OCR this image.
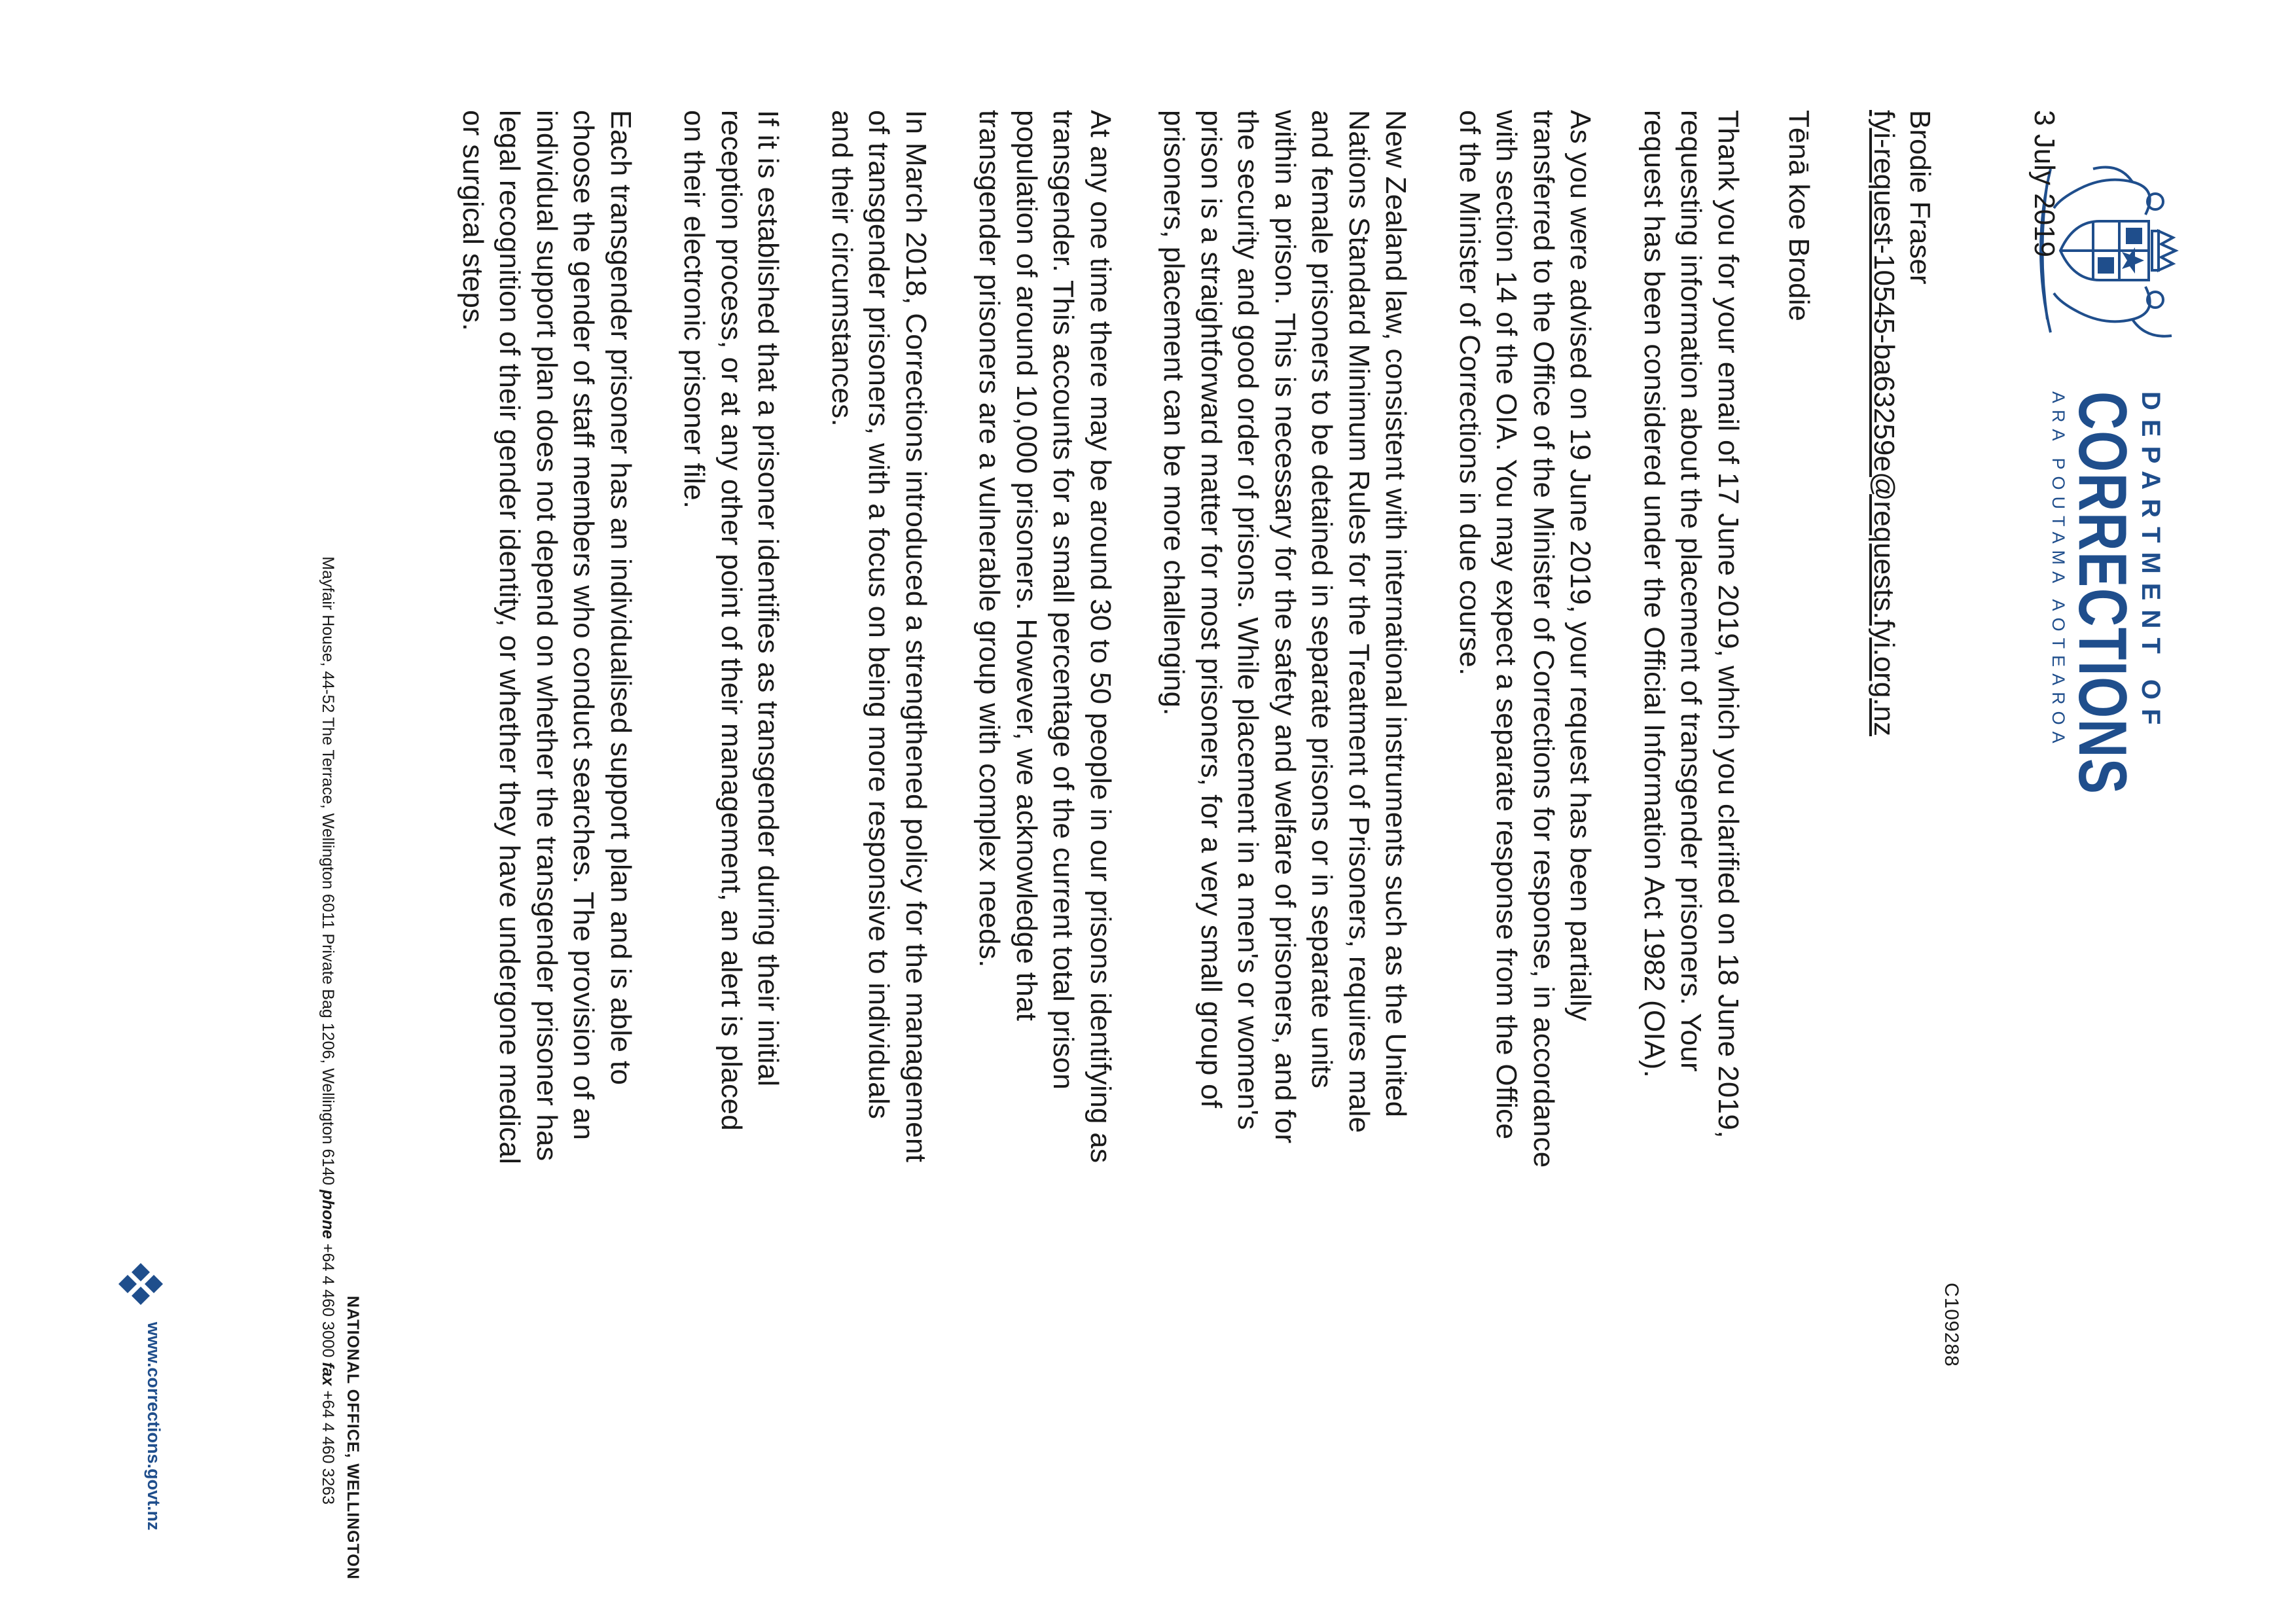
DEPARTMENT OF
CORRECTIONS
ARA POUTAMA AOTEAROA
C109288
3 July 2019
Brodie Fraser
fyi-request-10545-ba63259e@requests.fyi.org.nz
Tēnā koe Brodie

Thank you for your email of 17 June 2019, which you clarified on 18 June 2019, requesting information about the placement of transgender prisoners. Your request has been considered under the Official Information Act 1982 (OIA).

As you were advised on 19 June 2019, your request has been partially transferred to the Office of the Minister of Corrections for response, in accordance with section 14 of the OIA. You may expect a separate response from the Office of the Minister of Corrections in due course.

New Zealand law, consistent with international instruments such as the United Nations Standard Minimum Rules for the Treatment of Prisoners, requires male and female prisoners to be detained in separate prisons or in separate units within a prison. This is necessary for the safety and welfare of prisoners, and for the security and good order of prisons. While placement in a men's or women's prison is a straightforward matter for most prisoners, for a very small group of prisoners, placement can be more challenging.

At any one time there may be around 30 to 50 people in our prisons identifying as transgender. This accounts for a small percentage of the current total prison population of around 10,000 prisoners. However, we acknowledge that transgender prisoners are a vulnerable group with complex needs.

In March 2018, Corrections introduced a strengthened policy for the management of transgender prisoners, with a focus on being more responsive to individuals and their circumstances.

If it is established that a prisoner identifies as transgender during their initial reception process, or at any other point of their management, an alert is placed on their electronic prisoner file.

Each transgender prisoner has an individualised support plan and is able to choose the gender of staff members who conduct searches. The provision of an individual support plan does not depend on whether the transgender prisoner has legal recognition of their gender identity, or whether they have undergone medical or surgical steps.

NATIONAL OFFICE, WELLINGTON
Mayfair House, 44-52 The Terrace, Wellington 6011 Private Bag 1206, Wellington 6140 phone +64 4 460 3000 fax +64 4 460 3263
www.corrections.govt.nz
